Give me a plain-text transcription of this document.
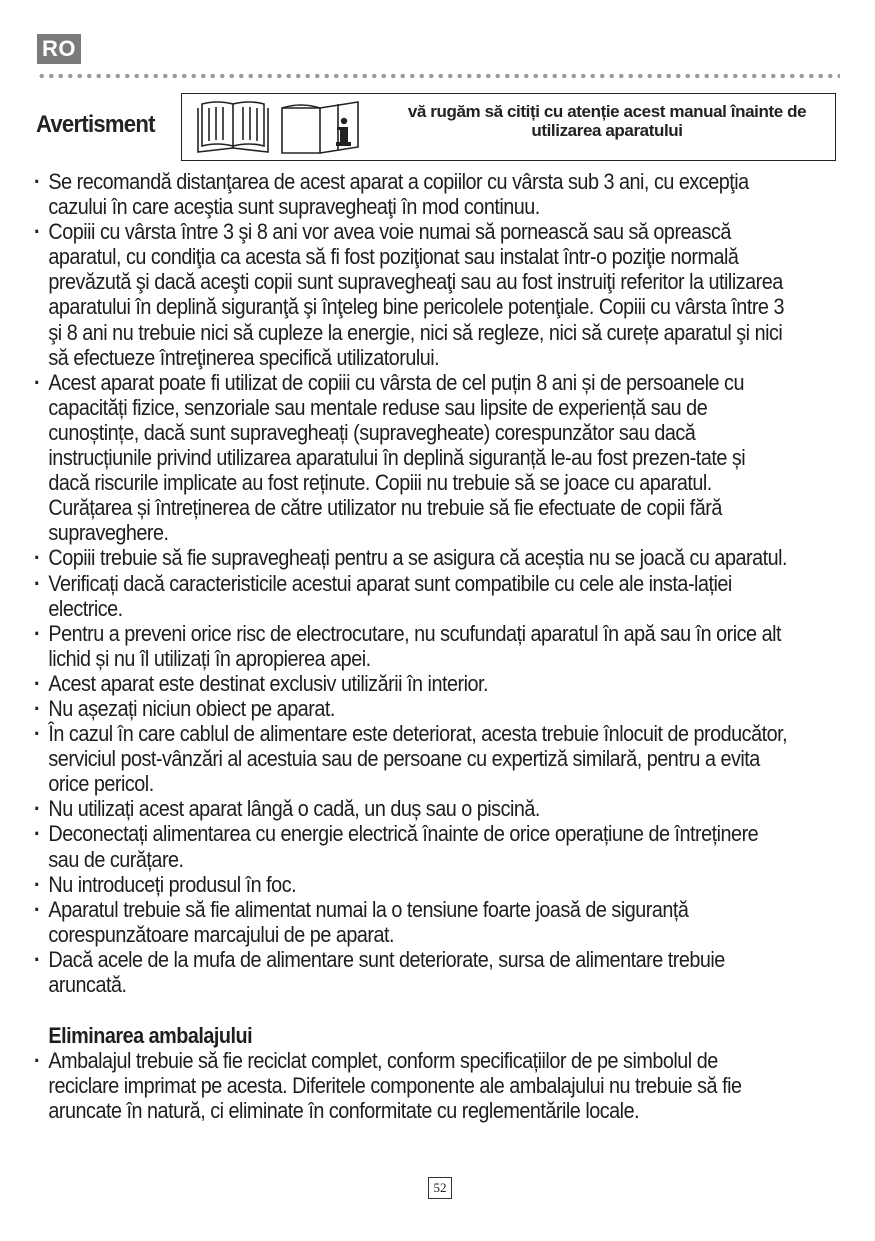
RO
Avertisment	vă rugăm să citiți cu atenție acest manual înainte de utilizarea aparatului
· Se recomandă distanţarea de acest aparat a copiilor cu vârsta sub 3 ani, cu excepţia cazului în care aceştia sunt supravegheaţi în mod continuu.
· Copiii cu vârsta între 3 şi 8 ani vor avea voie numai să pornească sau să oprească aparatul, cu condiţia ca acesta să fi fost poziţionat sau instalat într-o poziţie normală prevăzută şi dacă aceşti copii sunt supravegheaţi sau au fost instruiţi referitor la utilizarea aparatului în deplină siguranţă şi înţeleg bine pericolele potenţiale. Copiii cu vârsta între 3 şi 8 ani nu trebuie nici să cupleze la energie, nici să regleze, nici să curețe aparatul şi nici să efectueze întreţinerea specifică utilizatorului.
· Acest aparat poate fi utilizat de copiii cu vârsta de cel puțin 8 ani și de persoanele cu capacități fizice, senzoriale sau mentale reduse sau lipsite de experiență sau de cunoștințe, dacă sunt supravegheați (supravegheate) corespunzător sau dacă instrucțiunile privind utilizarea aparatului în deplină siguranță le-au fost prezen-tate și dacă riscurile implicate au fost reținute. Copiii nu trebuie să se joace cu aparatul. Curățarea și întreținerea de către utilizator nu trebuie să fie efectuate de copii fără supraveghere.
· Copiii trebuie să fie supravegheați pentru a se asigura că aceștia nu se joacă cu aparatul.
· Verificați dacă caracteristicile acestui aparat sunt compatibile cu cele ale insta-lației electrice.
· Pentru a preveni orice risc de electrocutare, nu scufundați aparatul în apă sau în orice alt lichid și nu îl utilizați în apropierea apei.
· Acest aparat este destinat exclusiv utilizării în interior.
· Nu așezați niciun obiect pe aparat.
· În cazul în care cablul de alimentare este deteriorat, acesta trebuie înlocuit de producător, serviciul post-vânzări al acestuia sau de persoane cu expertiză similară, pentru a evita orice pericol.
· Nu utilizați acest aparat lângă o cadă, un duș sau o piscină.
· Deconectați alimentarea cu energie electrică înainte de orice operațiune de întreținere sau de curățare.
· Nu introduceți produsul în foc.
· Aparatul trebuie să fie alimentat numai la o tensiune foarte joasă de siguranță corespunzătoare marcajului de pe aparat.
· Dacă acele de la mufa de alimentare sunt deteriorate, sursa de alimentare trebuie aruncată.
Eliminarea ambalajului
· Ambalajul trebuie să fie reciclat complet, conform specificațiilor de pe simbolul de reciclare imprimat pe acesta. Diferitele componente ale ambalajului nu trebuie să fie aruncate în natură, ci eliminate în conformitate cu reglementările locale.
52
